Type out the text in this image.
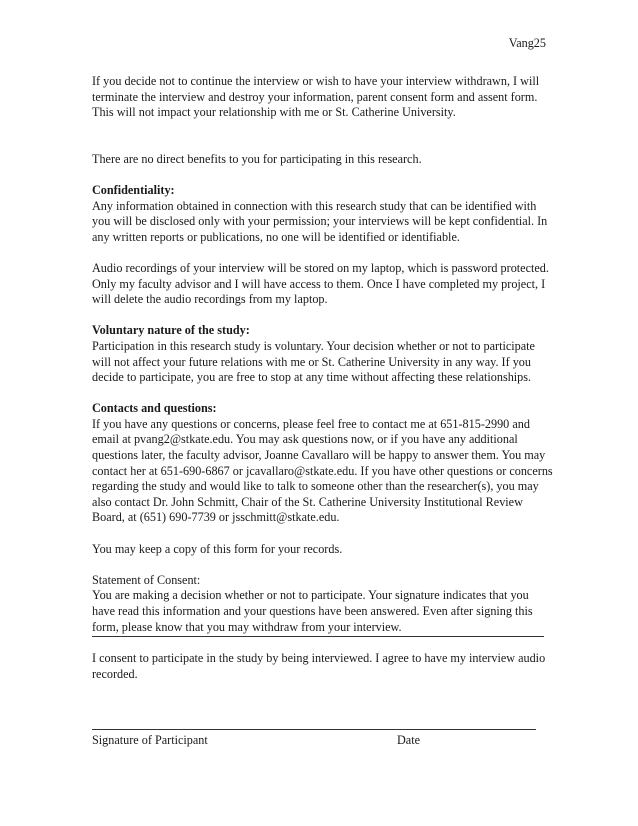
Vang25

If you decide not to continue the interview or wish to have your interview withdrawn, I will terminate the interview and destroy your information, parent consent form and assent form. This will not impact your relationship with me or St. Catherine University.

There are no direct benefits to you for participating in this research.

Confidentiality:

Any information obtained in connection with this research study that can be identified with you will be disclosed only with your permission; your interviews will be kept confidential. In any written reports or publications, no one will be identified or identifiable.

Audio recordings of your interview will be stored on my laptop, which is password protected. Only my faculty advisor and I will have access to them. Once I have completed my project, I will delete the audio recordings from my laptop.

Voluntary nature of the study:

Participation in this research study is voluntary. Your decision whether or not to participate will not affect your future relations with me or St. Catherine University in any way. If you decide to participate, you are free to stop at any time without affecting these relationships.

Contacts and questions:

If you have any questions or concerns, please feel free to contact me at 651-815-2990 and email at pvang2@stkate.edu. You may ask questions now, or if you have any additional questions later, the faculty advisor, Joanne Cavallaro will be happy to answer them. You may contact her at 651-690-6867 or jcavallaro@stkate.edu. If you have other questions or concerns regarding the study and would like to talk to someone other than the researcher(s), you may also contact Dr. John Schmitt, Chair of the St. Catherine University Institutional Review Board, at (651) 690-7739 or jsschmitt@stkate.edu.

You may keep a copy of this form for your records.

Statement of Consent:

You are making a decision whether or not to participate. Your signature indicates that you have read this information and your questions have been answered. Even after signing this form, please know that you may withdraw from your interview.

I consent to participate in the study by being interviewed. I agree to have my interview audio recorded.

Signature of Participant	Date
